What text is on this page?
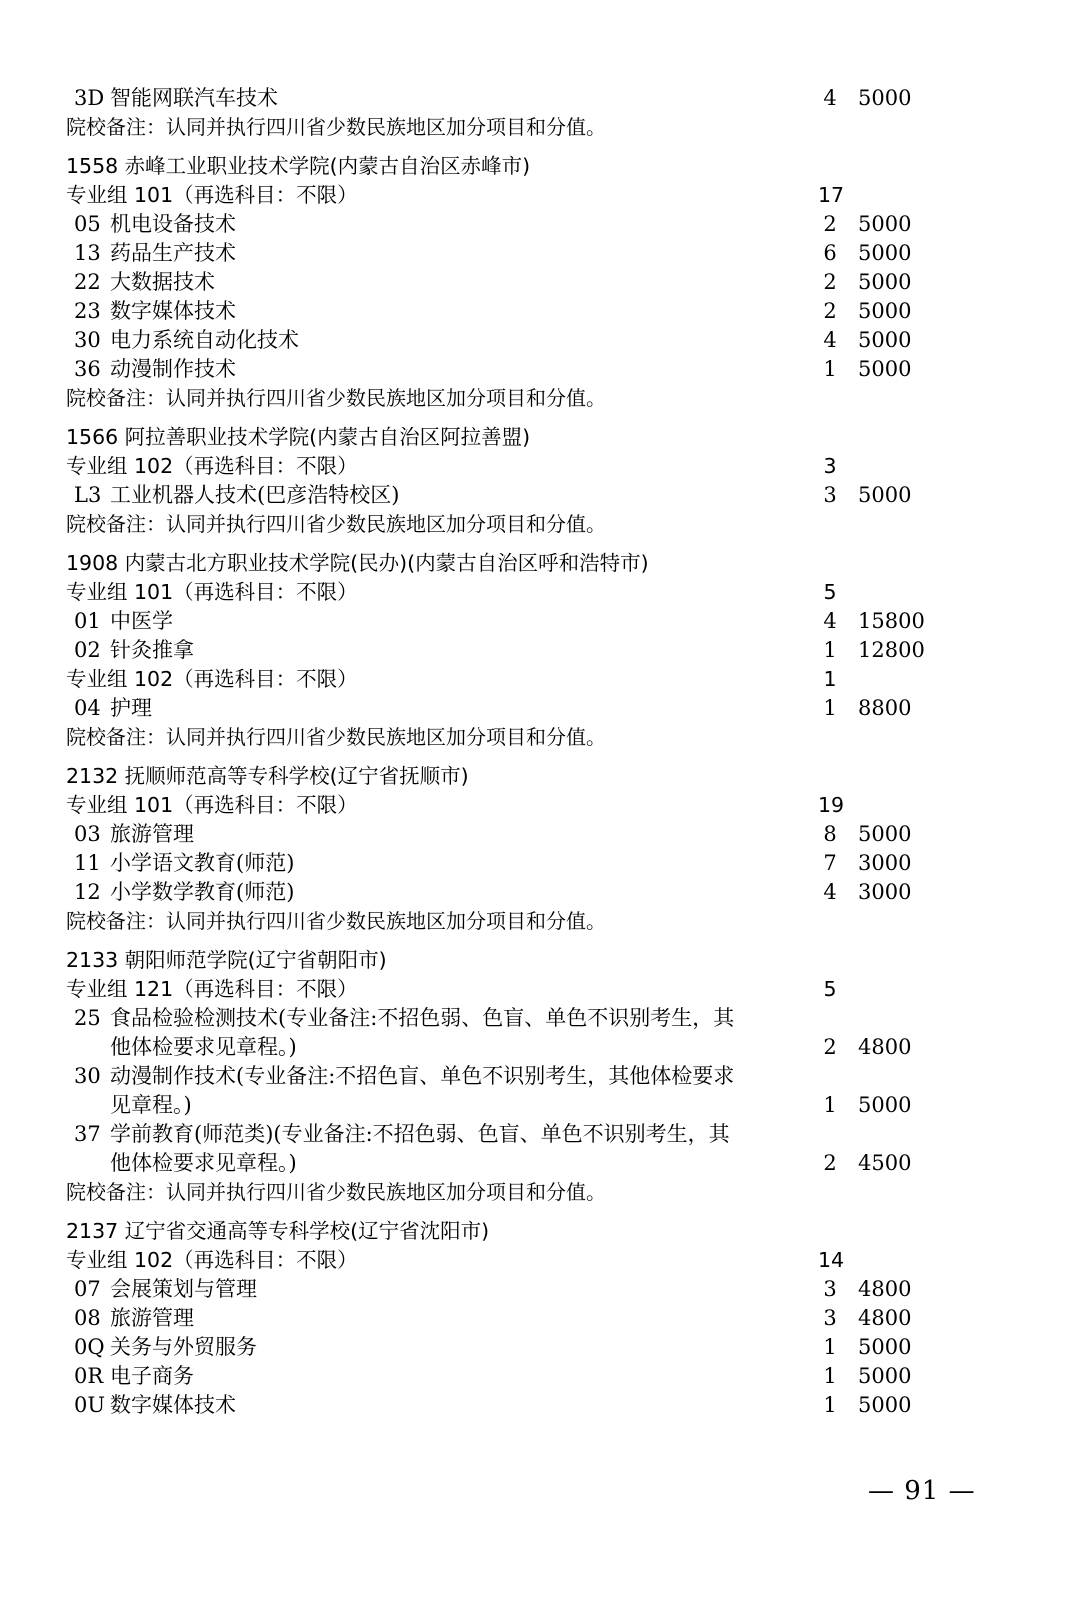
3D 智能网联汽车技术	4 5000
院校备注：认同并执行四川省少数民族地区加分项目和分值。
1558 赤峰工业职业技术学院(内蒙古自治区赤峰市)
专业组 101（再选科目：不限）	17
05 机电设备技术	2 5000
13 药品生产技术	6 5000
22 大数据技术	2 5000
23 数字媒体技术	2 5000
30 电力系统自动化技术	4 5000
36 动漫制作技术	1 5000
院校备注：认同并执行四川省少数民族地区加分项目和分值。
1566 阿拉善职业技术学院(内蒙古自治区阿拉善盟)
专业组 102（再选科目：不限）	3
L3 工业机器人技术(巴彦浩特校区)	3 5000
院校备注：认同并执行四川省少数民族地区加分项目和分值。
1908 内蒙古北方职业技术学院(民办)(内蒙古自治区呼和浩特市)
专业组 101（再选科目：不限）	5
01 中医学	4 15800
02 针灸推拿	1 12800
专业组 102（再选科目：不限）	1
04 护理	1 8800
院校备注：认同并执行四川省少数民族地区加分项目和分值。
2132 抚顺师范高等专科学校(辽宁省抚顺市)
专业组 101（再选科目：不限）	19
03 旅游管理	8 5000
11 小学语文教育(师范)	7 3000
12 小学数学教育(师范)	4 3000
院校备注：认同并执行四川省少数民族地区加分项目和分值。
2133 朝阳师范学院(辽宁省朝阳市)
专业组 121（再选科目：不限）	5
25 食品检验检测技术(专业备注:不招色弱、色盲、单色不识别考生，其他体检要求见章程。)	2 4800
30 动漫制作技术(专业备注:不招色盲、单色不识别考生，其他体检要求见章程。)	1 5000
37 学前教育(师范类)(专业备注:不招色弱、色盲、单色不识别考生，其他体检要求见章程。)	2 4500
院校备注：认同并执行四川省少数民族地区加分项目和分值。
2137 辽宁省交通高等专科学校(辽宁省沈阳市)
专业组 102（再选科目：不限）	14
07 会展策划与管理	3 4800
08 旅游管理	3 4800
0Q 关务与外贸服务	1 5000
0R 电子商务	1 5000
0U 数字媒体技术	1 5000
— 91 —
